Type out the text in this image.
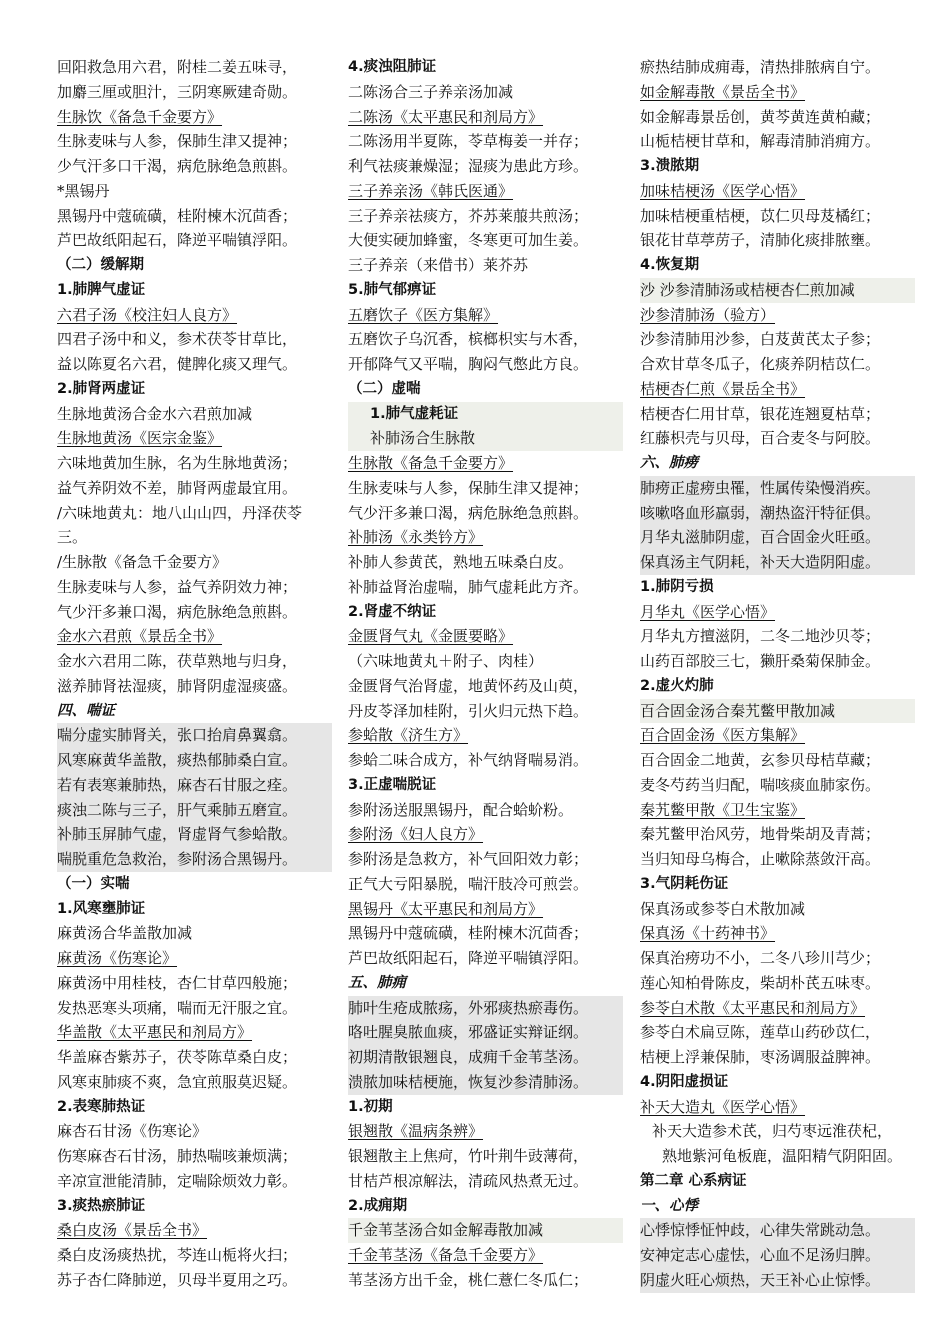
回阳救急用六君，附桂二姜五味寻，
加麝三厘或胆汁，三阴寒厥建奇勋。
生脉饮《备急千金要方》
生脉麦味与人参，保肺生津又提神；
少气汗多口干渴，病危脉绝急煎斟。
*黑锡丹
黑锡丹中蔻硫磺，桂附楝木沉茴香；
芦巴故纸阳起石，降逆平喘镇浮阳。
（二）缓解期
1.肺脾气虚证
六君子汤《校注妇人良方》
四君子汤中和义，参术茯苓甘草比，
益以陈夏名六君，健脾化痰又理气。
2.肺肾两虚证
生脉地黄汤合金水六君煎加减
生脉地黄汤《医宗金鉴》
六味地黄加生脉，名为生脉地黄汤；
益气养阴效不差，肺肾两虚最宜用。
/六味地黄丸：地八山山四，丹泽茯苓
三。
/生脉散《备急千金要方》
生脉麦味与人参，益气养阴效力神；
气少汗多兼口渴，病危脉绝急煎斟。
金水六君煎《景岳全书》
金水六君用二陈，茯草熟地与归身，
滋养肺肾祛湿痰，肺肾阴虚湿痰盛。
四、喘证
喘分虚实肺肾关，张口抬肩鼻翼翕。
风寒麻黄华盖散，痰热郁肺桑白宣。
若有表寒兼肺热，麻杏石甘服之痊。
痰浊二陈与三子，肝气乘肺五磨宣。
补肺玉屏肺气虚，肾虚肾气参蛤散。
喘脱重危急救治，参附汤合黑锡丹。
（一）实喘
1.风寒壅肺证
麻黄汤合华盖散加减
麻黄汤《伤寒论》
麻黄汤中用桂枝，杏仁甘草四般施；
发热恶寒头项痛，喘而无汗服之宜。
华盖散《太平惠民和剂局方》
华盖麻杏紫苏子，茯苓陈草桑白皮；
风寒束肺痰不爽，急宜煎服莫迟疑。
2.表寒肺热证
麻杏石甘汤《伤寒论》
伤寒麻杏石甘汤，肺热喘咳兼烦满；
辛凉宣泄能清肺，定喘除烦效力彰。
3.痰热瘀肺证
桑白皮汤《景岳全书》
桑白皮汤痰热扰，芩连山栀将火扫；
苏子杏仁降肺逆，贝母半夏用之巧。
4.痰浊阻肺证
二陈汤合三子养亲汤加减
二陈汤《太平惠民和剂局方》
二陈汤用半夏陈，苓草梅姜一并存；
利气祛痰兼燥湿；湿痰为患此方珍。
三子养亲汤《韩氏医通》
三子养亲祛痰方，芥苏莱菔共煎汤；
大便实硬加蜂蜜，冬寒更可加生姜。
三子养亲（来借书）莱芥苏
5.肺气郁痹证
五磨饮子《医方集解》
五磨饮子乌沉香，槟榔枳实与木香，
开郁降气又平喘，胸闷气憋此方良。
（二）虚喘
1.肺气虚耗证
补肺汤合生脉散
生脉散《备急千金要方》
生脉麦味与人参，保肺生津又提神；
气少汗多兼口渴，病危脉绝急煎斟。
补肺汤《永类钤方》
补肺人参黄芪，熟地五味桑白皮。
补肺益肾治虚喘，肺气虚耗此方齐。
2.肾虚不纳证
金匮肾气丸《金匮要略》
（六味地黄丸＋附子、肉桂）
金匮肾气治肾虚，地黄怀药及山萸，
丹皮苓泽加桂附，引火归元热下趋。
参蛤散《济生方》
参蛤二味合成方，补气纳肾喘易消。
3.正虚喘脱证
参附汤送服黑锡丹，配合蛤蚧粉。
参附汤《妇人良方》
参附汤是急救方，补气回阳效力彰；
正气大亏阳暴脱，喘汗肢冷可煎尝。
黑锡丹《太平惠民和剂局方》
黑锡丹中蔻硫磺，桂附楝木沉茴香；
芦巴故纸阳起石，降逆平喘镇浮阳。
五、肺痈
肺叶生疮成脓疡，外邪痰热瘀毒伤。
咯吐腥臭脓血痰，邪盛证实辩证纲。
初期清散银翘良，成痈千金苇茎汤。
溃脓加味桔梗施，恢复沙参清肺汤。
1.初期
银翘散《温病条辨》
银翘散主上焦疴，竹叶荆牛豉薄荷，
甘桔芦根凉解法，清疏风热煮无过。
2.成痈期
千金苇茎汤合如金解毒散加减
千金苇茎汤《备急千金要方》
苇茎汤方出千金，桃仁薏仁冬瓜仁；
瘀热结肺成痈毒，清热排脓病自宁。
如金解毒散《景岳全书》
如金解毒景岳创，黄芩黄连黄柏藏；
山栀桔梗甘草和，解毒清肺消痈方。
3.溃脓期
加味桔梗汤《医学心悟》
加味桔梗重桔梗，苡仁贝母芨橘红；
银花甘草葶苈子，清肺化痰排脓壅。
4.恢复期
沙 沙参清肺汤或桔梗杏仁煎加减
沙参清肺汤（验方）
沙参清肺用沙参，白芨黄芪太子参；
合欢甘草冬瓜子，化痰养阴桔苡仁。
桔梗杏仁煎《景岳全书》
桔梗杏仁用甘草，银花连翘夏枯草；
红藤枳壳与贝母，百合麦冬与阿胶。
六、肺痨
肺痨正虚痨虫罹，性属传染慢消疾。
咳嗽咯血形羸弱，潮热盗汗特征俱。
月华丸滋肺阴虚，百合固金火旺亟。
保真汤主气阴耗，补天大造阴阳虚。
1.肺阴亏损
月华丸《医学心悟》
月华丸方擅滋阴，二冬二地沙贝苓；
山药百部胶三七，獭肝桑菊保肺金。
2.虚火灼肺
百合固金汤合秦艽鳖甲散加减
百合固金汤《医方集解》
百合固金二地黄，玄参贝母桔草藏；
麦冬芍药当归配，喘咳痰血肺家伤。
秦艽鳖甲散《卫生宝鉴》
秦艽鳖甲治风劳，地骨柴胡及青蒿；
当归知母乌梅合，止嗽除蒸敛汗高。
3.气阴耗伤证
保真汤或参苓白术散加减
保真汤《十药神书》
保真治痨功不小，二冬八珍川芎少；
莲心知柏骨陈皮，柴胡朴芪五味枣。
参苓白术散《太平惠民和剂局方》
参苓白术扁豆陈，莲草山药砂苡仁，
桔梗上浮兼保肺，枣汤调服益脾神。
4.阴阳虚损证
补天大造丸《医学心悟》
补天大造参术芪，归芍枣远淮茯杞，
熟地紫河龟板鹿，温阳精气阴阳固。
第二章 心系病证
一、心悸
心悸惊悸怔忡歧，心律失常跳动急。
安神定志心虚怯，心血不足汤归脾。
阴虚火旺心烦热，天王补心止惊悸。
